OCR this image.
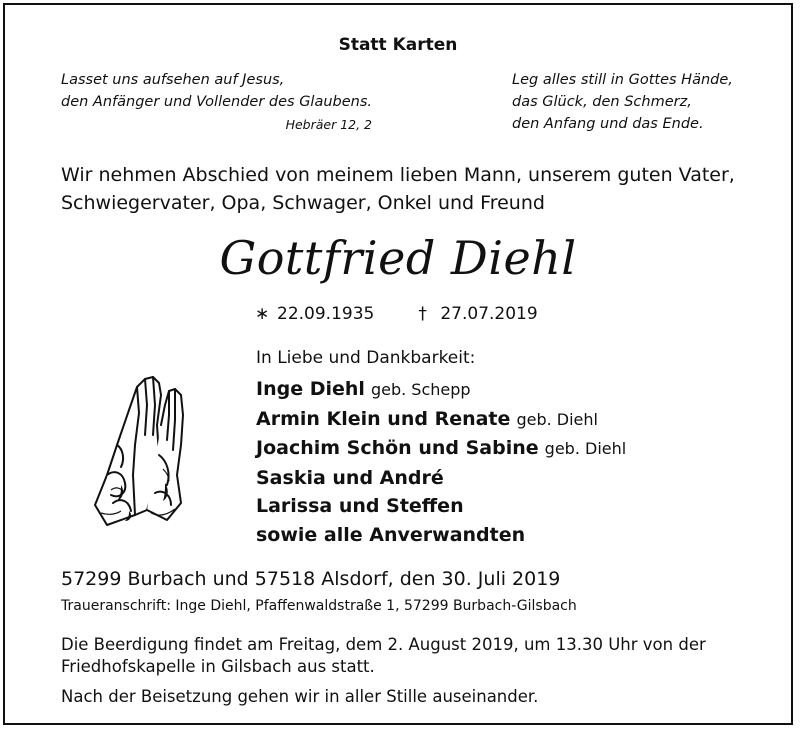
Statt Karten
Lasset uns aufsehen auf Jesus,
den Anfänger und Vollender des Glaubens.
Hebräer 12, 2
Leg alles still in Gottes Hände,
das Glück, den Schmerz,
den Anfang und das Ende.
Wir nehmen Abschied von meinem lieben Mann, unserem guten Vater,
Schwiegervater, Opa, Schwager, Onkel und Freund
Gottfried Diehl
∗ 22.09.1935	† 27.07.2019
In Liebe und Dankbarkeit:
Inge Diehl geb. Schepp
Armin Klein und Renate geb. Diehl
Joachim Schön und Sabine geb. Diehl
Saskia und André
Larissa und Steffen
sowie alle Anverwandten
57299 Burbach und 57518 Alsdorf, den 30. Juli 2019
Traueranschrift: Inge Diehl, Pfaffenwaldstraße 1, 57299 Burbach-Gilsbach
Die Beerdigung findet am Freitag, dem 2. August 2019, um 13.30 Uhr von der
Friedhofskapelle in Gilsbach aus statt.
Nach der Beisetzung gehen wir in aller Stille auseinander.
